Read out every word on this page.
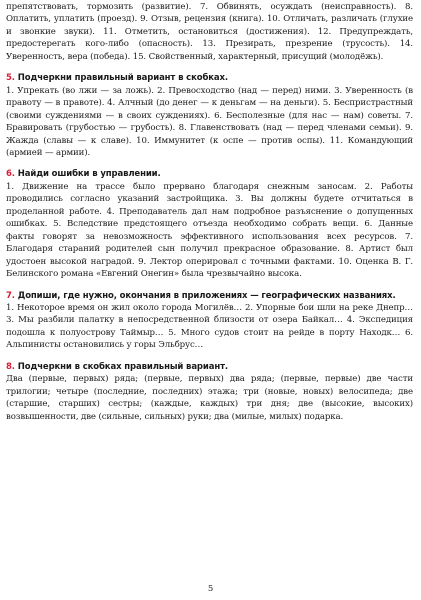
препятствовать, тормозить (развитие). 7. Обвинять, осуждать (неисправность). 8. Оплатить, уплатить (проезд). 9. Отзыв, рецензия (книга). 10. Отличать, различать (глухие и звонкие звуки). 11. Отметить, остановиться (достижения). 12. Предупреждать, предостерегать кого-либо (опасность). 13. Презирать, презрение (трусость). 14. Уверенность, вера (победа). 15. Свойственный, характерный, присущий (молодёжь).

5. Подчеркни правильный вариант в скобках.

1. Упрекать (во лжи — за ложь). 2. Превосходство (над — перед) ними. 3. Уверенность (в правоту — в правоте). 4. Алчный (до денег — к деньгам — на деньги). 5. Беспристрастный (своими суждениями — в своих суждениях). 6. Бесполезные (для нас — нам) советы. 7. Бравировать (грубостью — грубость). 8. Главенствовать (над — перед членами семьи). 9. Жажда (славы — к славе). 10. Иммунитет (к оспе — против оспы). 11. Командующий (армией — армии).

6. Найди ошибки в управлении.

1. Движение на трассе было прервано благодаря снежным заносам. 2. Работы проводились согласно указаний застройщика. 3. Вы должны будете отчитаться в проделанной работе. 4. Преподаватель дал нам подробное разъяснение о допущенных ошибках. 5. Вследствие предстоящего отъезда необходимо собрать вещи. 6. Данные факты говорят за невозможность эффективного использования всех ресурсов. 7. Благодаря стараний родителей сын получил прекрасное образование. 8. Артист был удостоен высокой наградой. 9. Лектор оперировал с точными фактами. 10. Оценка В. Г. Белинского романа «Евгений Онегин» была чрезвычайно высока.

7. Допиши, где нужно, окончания в приложениях — географических названиях.

1. Некоторое время он жил около города Могилёв… 2. Упорные бои шли на реке Днепр… 3. Мы разбили палатку в непосредственной близости от озера Байкал… 4. Экспедиция подошла к полуострову Таймыр… 5. Много судов стоит на рейде в порту Находк… 6. Альпинисты остановились у горы Эльбрус…

8. Подчеркни в скобках правильный вариант.

Два (первые, первых) ряда; (первые, первых) два ряда; (первые, первые) две части трилогии; четыре (последние, последних) этажа; три (новые, новых) велосипеда; две (старшие, старших) сестры; (каждые, каждых) три дня; две (высокие, высоких) возвышенности, две (сильные, сильных) руки; два (милые, милых) подарка.

5
